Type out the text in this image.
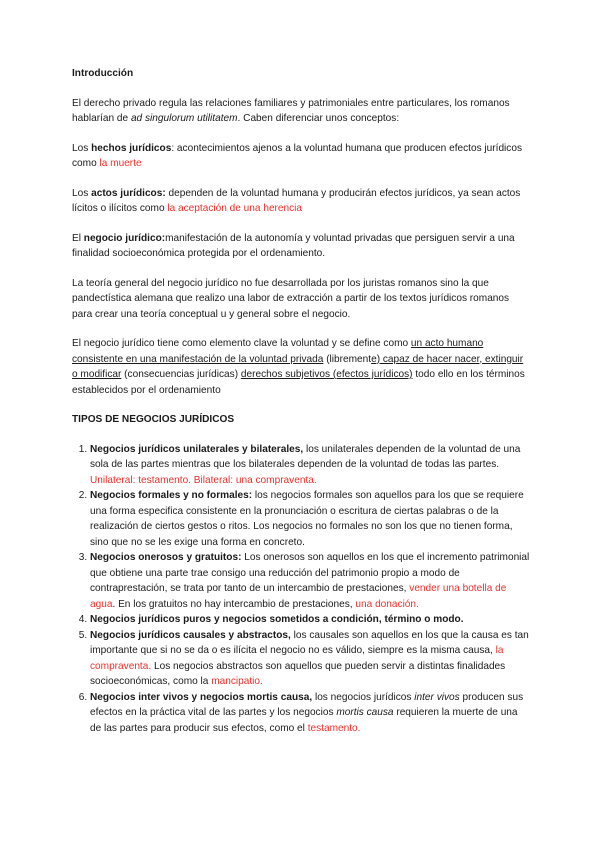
Introducción

El derecho privado regula las relaciones familiares y patrimoniales entre particulares, los romanos hablarían de ad singulorum utilitatem. Caben diferenciar unos conceptos:

Los hechos jurídicos: acontecimientos ajenos a la voluntad humana que producen efectos jurídicos como la muerte

Los actos jurídicos: dependen de la voluntad humana y producirán efectos jurídicos, ya sean actos lícitos o ilícitos como la aceptación de una herencia

El negocio jurídico:manifestación de la autonomía y voluntad privadas que persiguen servir a una finalidad socioeconómica protegida por el ordenamiento.

La teoría general del negocio jurídico no fue desarrollada por los juristas romanos sino la que pandectística alemana que realizo una labor de extracción a partir de los textos jurídicos romanos para crear una teoría conceptual u y general sobre el negocio.

El negocio jurídico tiene como elemento clave la voluntad y se define como un acto humano consistente en una manifestación de la voluntad privada (libremente) capaz de hacer nacer, extinguir o modificar (consecuencias jurídicas) derechos subjetivos (efectos jurídicos) todo ello en los términos establecidos por el ordenamiento

TIPOS DE NEGOCIOS JURÍDICOS

1. Negocios jurídicos unilaterales y bilaterales, los unilaterales dependen de la voluntad de una sola de las partes mientras que los bilaterales dependen de la voluntad de todas las partes. Unilateral: testamento. Bilateral: una compraventa.
2. Negocios formales y no formales: los negocios formales son aquellos para los que se requiere una forma especifica consistente en la pronunciación o escritura de ciertas palabras o de la realización de ciertos gestos o ritos. Los negocios no formales no son los que no tienen forma, sino que no se les exige una forma en concreto.
3. Negocios onerosos y gratuitos: Los onerosos son aquellos en los que el incremento patrimonial que obtiene una parte trae consigo una reducción del patrimonio propio a modo de contraprestación, se trata por tanto de un intercambio de prestaciones, vender una botella de agua. En los gratuitos no hay intercambio de prestaciones, una donación.
4. Negocios jurídicos puros y negocios sometidos a condición, término o modo.
5. Negocios jurídicos causales y abstractos, los causales son aquellos en los que la causa es tan importante que si no se da o es ilícita el negocio no es válido, siempre es la misma causa, la compraventa. Los negocios abstractos son aquellos que pueden servir a distintas finalidades socioeconómicas, como la mancipatio.
6. Negocios inter vivos y negocios mortis causa, los negocios jurídicos inter vivos producen sus efectos en la práctica vital de las partes y los negocios mortis causa requieren la muerte de una de las partes para producir sus efectos, como el testamento.
